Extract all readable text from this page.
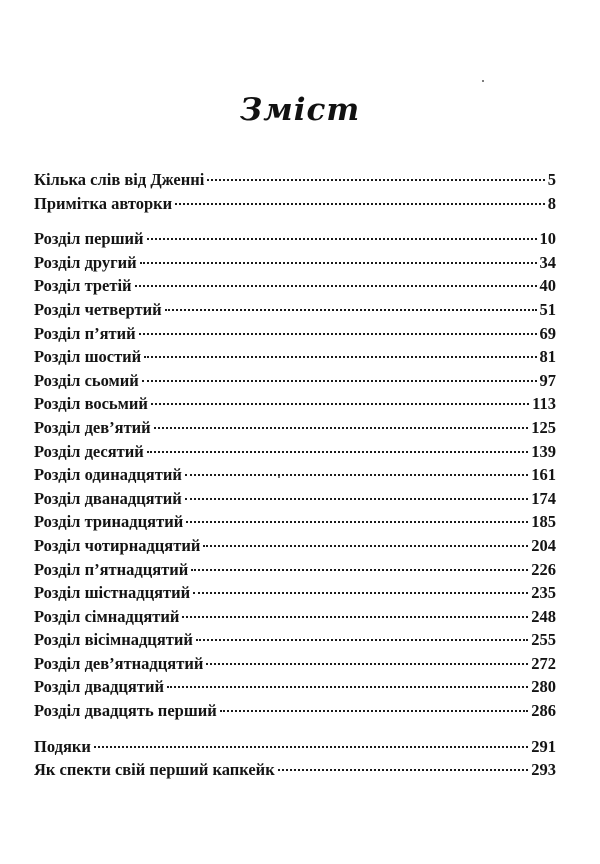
Зміст
Кілька слів від Дженні	5
Примітка авторки	8
Розділ перший	10
Розділ другий	34
Розділ третій	40
Розділ четвертий	51
Розділ п’ятий	69
Розділ шостий	81
Розділ сьомий	97
Розділ восьмий	113
Розділ дев’ятий	125
Розділ десятий	139
Розділ одинадцятий	161
Розділ дванадцятий	174
Розділ тринадцятий	185
Розділ чотирнадцятий	204
Розділ п’ятнадцятий	226
Розділ шістнадцятий	235
Розділ сімнадцятий	248
Розділ вісімнадцятий	255
Розділ дев’ятнадцятий	272
Розділ двадцятий	280
Розділ двадцять перший	286
Подяки	291
Як спекти свій перший капкейк	293
